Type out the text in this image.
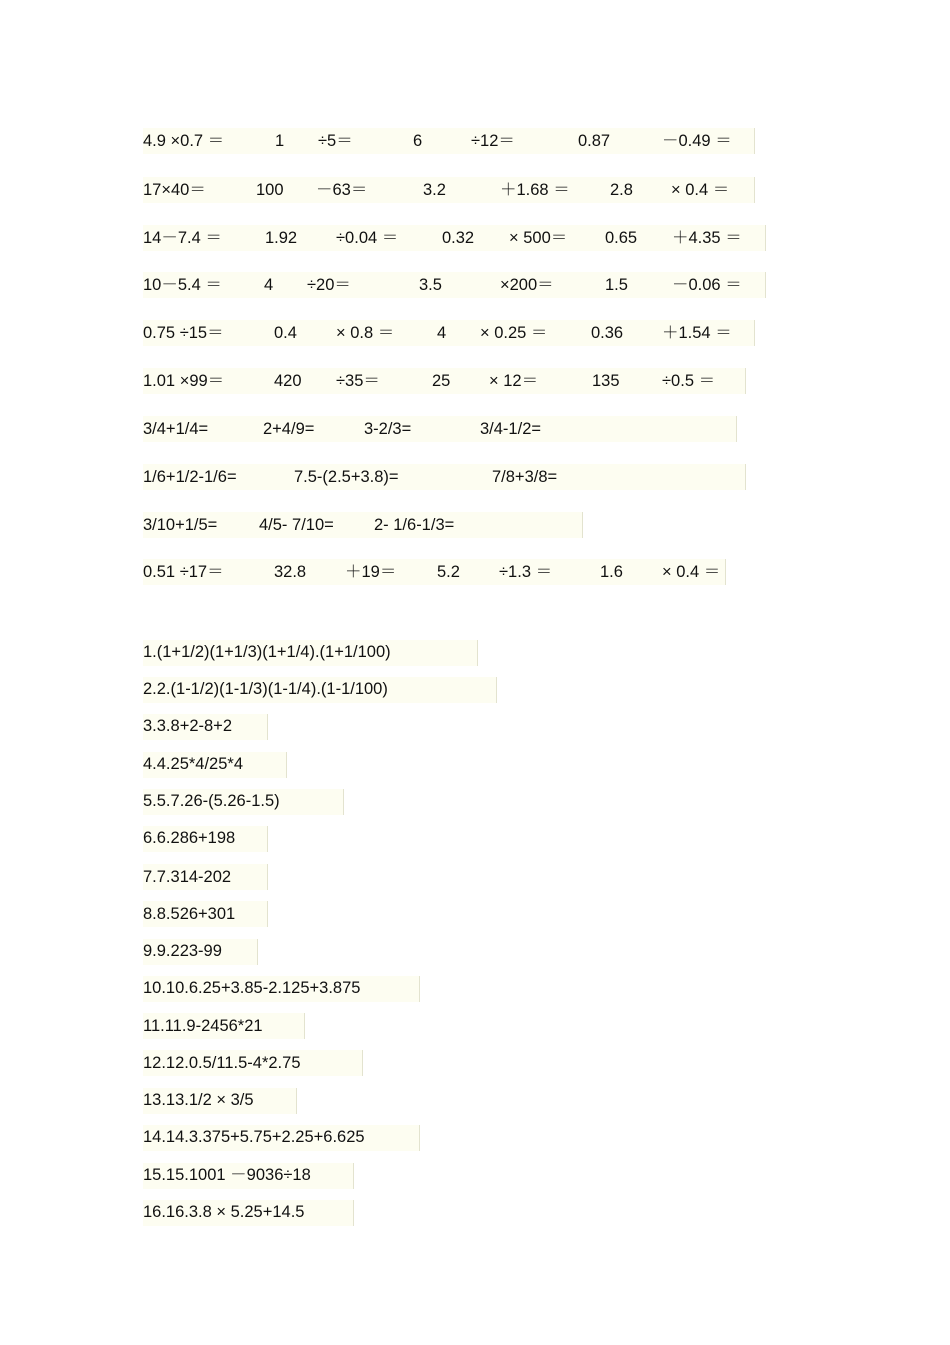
4.9 ×0.7 ＝	1 ÷5＝	6	÷12＝	0.87	－0.49 ＝
17×40＝	100 －63＝	3.2	＋1.68 ＝ 2.8 × 0.4 ＝
14－7.4 ＝	1.92 ÷0.04 ＝	0.32 × 500＝ 0.65 ＋4.35 ＝
10－5.4 ＝	4 ÷20＝	3.5	×200＝	1.5	－0.06 ＝
0.75 ÷15＝	0.4 × 0.8 ＝	4 × 0.25 ＝	0.36 ＋1.54 ＝
1.01 ×99＝	420 ÷35＝	25 × 12＝	135	÷0.5 ＝
3/4+1/4=	2+4/9=	3-2/3=	3/4-1/2=
1/6+1/2-1/6=	7.5-(2.5+3.8)=	7/8+3/8=
3/10+1/5=	4/5- 7/10= 2- 1/6-1/3=
0.51 ÷17＝	32.8 ＋19＝ 5.2 ÷1.3 ＝	1.6 × 0.4 ＝
1.(1+1/2)(1+1/3)(1+1/4).(1+1/100)
2.2.(1-1/2)(1-1/3)(1-1/4).(1-1/100)
3.3.8+2-8+2
4.4.25*4/25*4
5.5.7.26-(5.26-1.5)
6.6.286+198
7.7.314-202
8.8.526+301
9.9.223-99
10.10.6.25+3.85-2.125+3.875
11.11.9-2456*21
12.12.0.5/11.5-4*2.75
13.13.1/2 × 3/5
14.14.3.375+5.75+2.25+6.625
15.15.1001 －9036÷18
16.16.3.8 × 5.25+14.5
